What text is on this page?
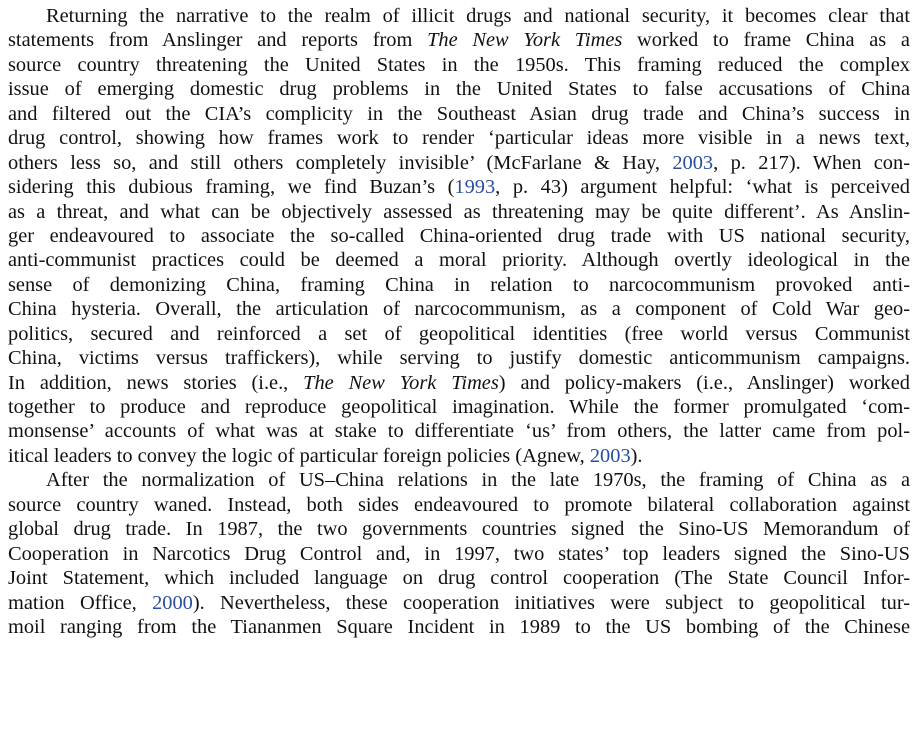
Returning the narrative to the realm of illicit drugs and national security, it becomes clear that
statements from Anslinger and reports from The New York Times worked to frame China as a
source country threatening the United States in the 1950s. This framing reduced the complex
issue of emerging domestic drug problems in the United States to false accusations of China
and filtered out the CIA’s complicity in the Southeast Asian drug trade and China’s success in
drug control, showing how frames work to render ‘particular ideas more visible in a news text,
others less so, and still others completely invisible’ (McFarlane & Hay, 2003, p. 217). When con-
sidering this dubious framing, we find Buzan’s (1993, p. 43) argument helpful: ‘what is perceived
as a threat, and what can be objectively assessed as threatening may be quite different’. As Anslin-
ger endeavoured to associate the so-called China-oriented drug trade with US national security,
anti-communist practices could be deemed a moral priority. Although overtly ideological in the
sense of demonizing China, framing China in relation to narcocommunism provoked anti-
China hysteria. Overall, the articulation of narcocommunism, as a component of Cold War geo-
politics, secured and reinforced a set of geopolitical identities (free world versus Communist
China, victims versus traffickers), while serving to justify domestic anticommunism campaigns.
In addition, news stories (i.e., The New York Times) and policy-makers (i.e., Anslinger) worked
together to produce and reproduce geopolitical imagination. While the former promulgated ‘com-
monsense’ accounts of what was at stake to differentiate ‘us’ from others, the latter came from pol-
itical leaders to convey the logic of particular foreign policies (Agnew, 2003).
After the normalization of US–China relations in the late 1970s, the framing of China as a
source country waned. Instead, both sides endeavoured to promote bilateral collaboration against
global drug trade. In 1987, the two governments countries signed the Sino-US Memorandum of
Cooperation in Narcotics Drug Control and, in 1997, two states’ top leaders signed the Sino-US
Joint Statement, which included language on drug control cooperation (The State Council Infor-
mation Office, 2000). Nevertheless, these cooperation initiatives were subject to geopolitical tur-
moil ranging from the Tiananmen Square Incident in 1989 to the US bombing of the Chinese
